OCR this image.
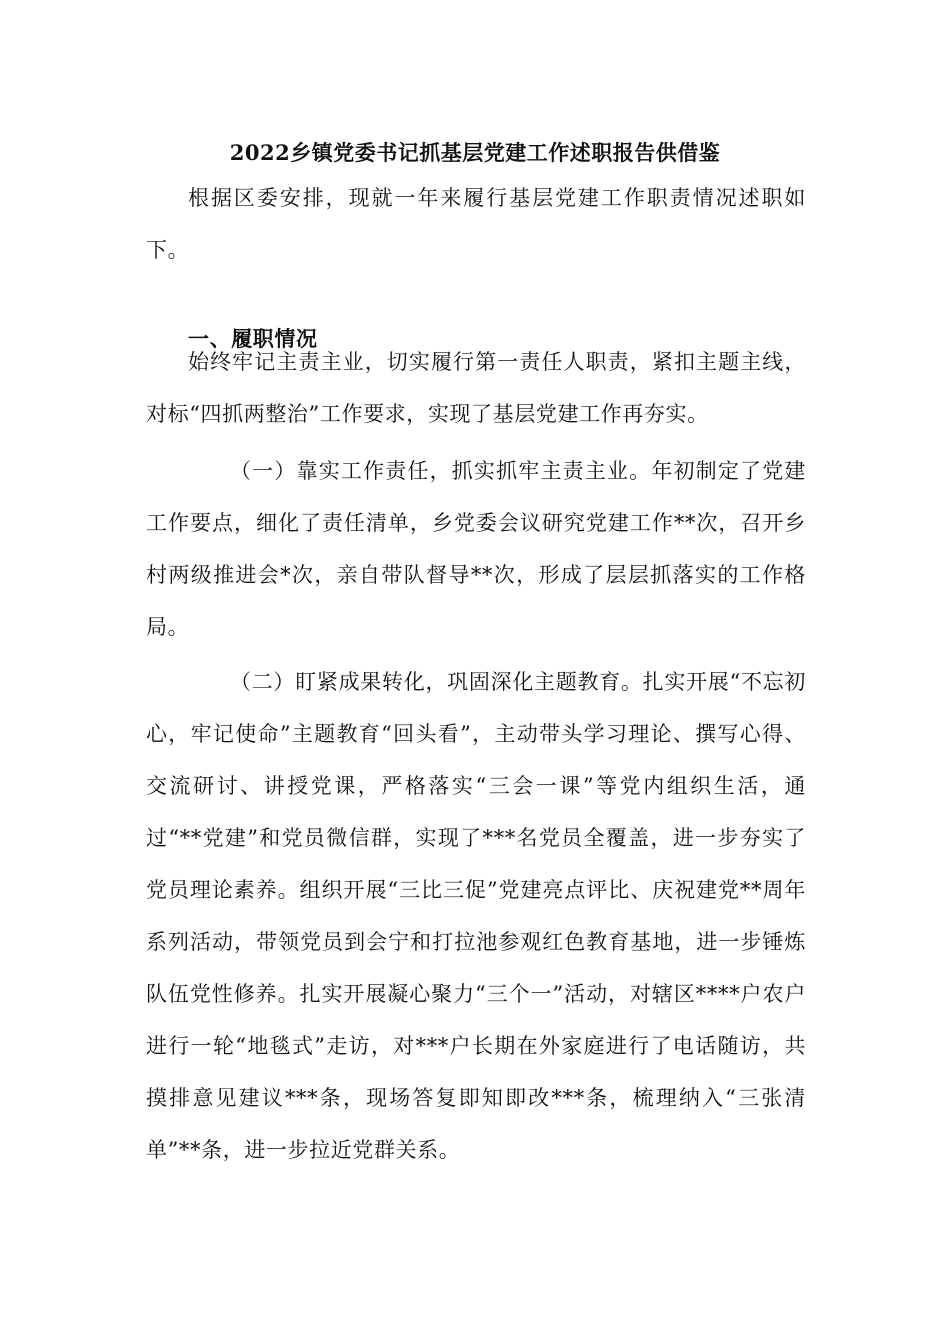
2022乡镇党委书记抓基层党建工作述职报告供借鉴

根据区委安排，现就一年来履行基层党建工作职责情况述职如下。

一、履职情况

始终牢记主责主业，切实履行第一责任人职责，紧扣主题主线，对标“四抓两整治”工作要求，实现了基层党建工作再夯实。

（一）靠实工作责任，抓实抓牢主责主业。年初制定了党建工作要点，细化了责任清单，乡党委会议研究党建工作**次，召开乡村两级推进会*次，亲自带队督导**次，形成了层层抓落实的工作格局。

（二）盯紧成果转化，巩固深化主题教育。扎实开展“不忘初心，牢记使命”主题教育“回头看”，主动带头学习理论、撰写心得、交流研讨、讲授党课，严格落实“三会一课”等党内组织生活，通过“**党建”和党员微信群，实现了***名党员全覆盖，进一步夯实了党员理论素养。组织开展“三比三促”党建亮点评比、庆祝建党**周年系列活动，带领党员到会宁和打拉池参观红色教育基地，进一步锤炼队伍党性修养。扎实开展凝心聚力“三个一”活动，对辖区****户农户进行一轮“地毯式”走访，对***户长期在外家庭进行了电话随访，共摸排意见建议***条，现场答复即知即改***条，梳理纳入“三张清单”**条，进一步拉近党群关系。
